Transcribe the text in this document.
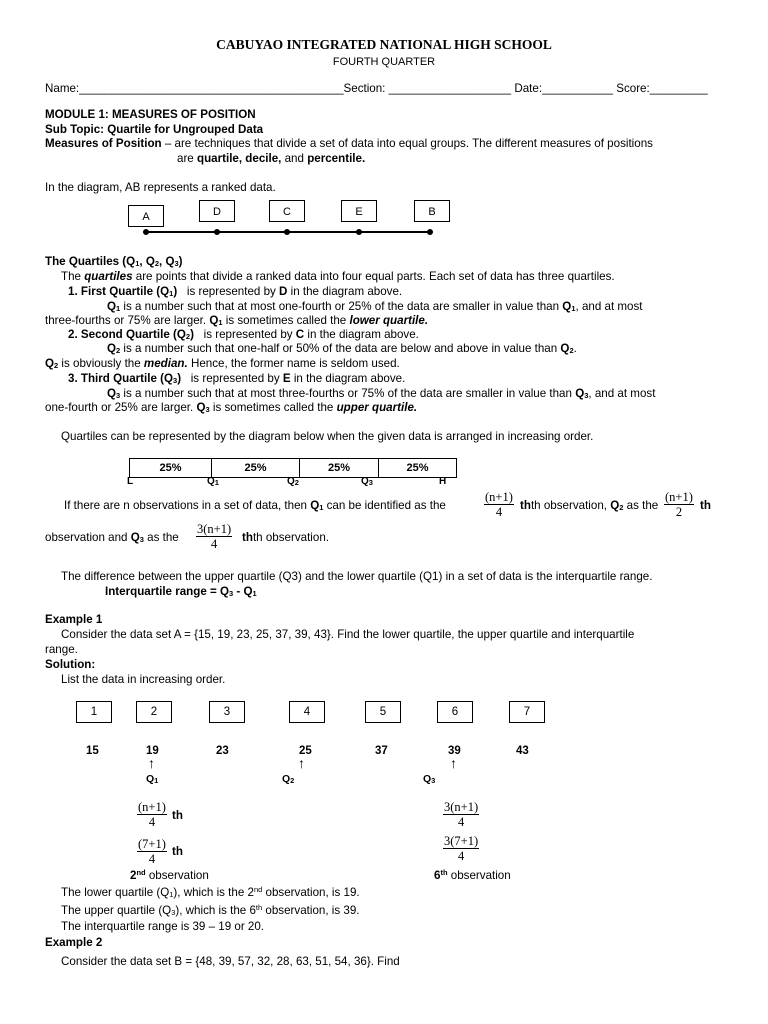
CABUYAO INTEGRATED NATIONAL HIGH SCHOOL
FOURTH QUARTER
Name:_________________________________________Section: ___________________ Date:___________ Score:_________
MODULE 1: MEASURES OF POSITION
Sub Topic: Quartile for Ungrouped Data
Measures of Position – are techniques that divide a set of data into equal groups. The different measures of positions
are quartile, decile, and percentile.
In the diagram, AB represents a ranked data.
A	D	C	E	B
The Quartiles ($Q_1$, $Q_2$, $Q_3$)
The quartiles are points that divide a ranked data into four equal parts. Each set of data has three quartiles.
1. First Quartile $(Q_1)$ is represented by D in the diagram above.
$Q_1$ is a number such that at most one-fourth or 25% of the data are smaller in value than $Q_1$, and at most
three-fourths or 75% are larger. $Q_1$ is sometimes called the lower quartile.
2. Second Quartile $(Q_2)$ is represented by C in the diagram above.
$Q_2$ is a number such that one-half or 50% of the data are below and above in value than $Q_2$.
$Q_2$ is obviously the median. Hence, the former name is seldom used.
3. Third Quartile $(Q_3)$ is represented by E in the diagram above.
$Q_3$ is a number such that at most three-fourths or 75% of the data are smaller in value than $Q_3$, and at most
one-fourth or 25% are larger. $Q_3$ is sometimes called the upper quartile.
Quartiles can be represented by the diagram below when the given data is arranged in increasing order.
25%	25%	25%	25%
L	$Q_1$	$Q_2$	$Q_3$	H
If there are n observations in a set of data, then $Q_1$ can be identified as the	$\frac{(n+1)}{4}$ thth observation, $Q_2$ as the $\frac{(n+1)}{2}$ th
observation and $Q_3$ as the $\frac{3(n+1)}{4}$ thth observation.
The difference between the upper quartile (Q3) and the lower quartile (Q1) in a set of data is the interquartile range.
Interquartile range = $Q_3 - Q_1$
Example 1
Consider the data set A = {15, 19, 23, 25, 37, 39, 43}. Find the lower quartile, the upper quartile and interquartile
range.
Solution:
List the data in increasing order.
1	2	3	4	5	6	7
15	19	23	25	37	39	43
↑	↑	↑
$Q_1$	$Q_2$	$Q_3$
$\frac{(n+1)}{4}$ th
$\frac{(7+1)}{4}$ th
2nd observation
$\frac{3(n+1)}{4}$
$\frac{3(7+1)}{4}$
6th observation
The lower quartile $(Q_1)$, which is the 2nd observation, is 19.
The upper quartile $(Q_3)$, which is the 6th observation, is 39.
The interquartile range is 39 – 19 or 20.
Example 2
Consider the data set B = {48, 39, 57, 32, 28, 63, 51, 54, 36}. Find
